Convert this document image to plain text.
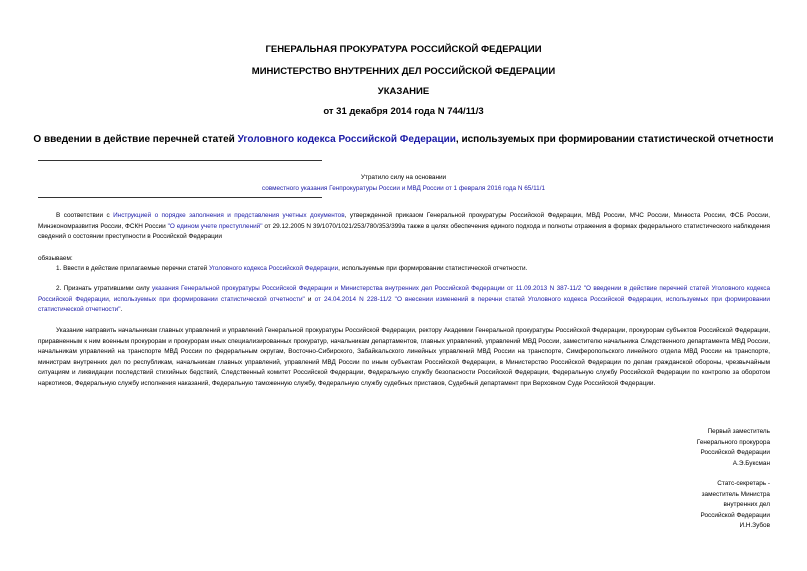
ГЕНЕРАЛЬНАЯ ПРОКУРАТУРА РОССИЙСКОЙ ФЕДЕРАЦИИ
МИНИСТЕРСТВО ВНУТРЕННИХ ДЕЛ РОССИЙСКОЙ ФЕДЕРАЦИИ
УКАЗАНИЕ
от 31 декабря 2014 года N 744/11/3
О введении в действие перечней статей Уголовного кодекса Российской Федерации, используемых при формировании статистической отчетности
Утратило силу на основании
совместного указания Генпрокуратуры России и МВД России от 1 февраля 2016 года N 65/11/1
В соответствии с Инструкцией о порядке заполнения и представления учетных документов, утвержденной приказом Генеральной прокуратуры Российской Федерации, МВД России, МЧС России, Минюста России, ФСБ России, Минэкономразвития России, ФСКН России "О едином учете преступлений" от 29.12.2005 N 39/1070/1021/253/780/353/399а также в целях обеспечения единого подхода и полноты отражения в формах федерального статистического наблюдения сведений о состоянии преступности в Российской Федерации
обязываем:
1. Ввести в действие прилагаемые перечни статей Уголовного кодекса Российской Федерации, используемые при формировании статистической отчетности.
2. Признать утратившими силу указания Генеральной прокуратуры Российской Федерации и Министерства внутренних дел Российской Федерации от 11.09.2013 N 387-11/2 "О введении в действие перечней статей Уголовного кодекса Российской Федерации, используемых при формировании статистической отчетности" и от 24.04.2014 N 228-11/2 "О внесении изменений в перечни статей Уголовного кодекса Российской Федерации, используемых при формировании статистической отчетности".
Указание направить начальникам главных управлений и управлений Генеральной прокуратуры Российской Федерации, ректору Академии Генеральной прокуратуры Российской Федерации, прокурорам субъектов Российской Федерации, приравненным к ним военным прокурорам и прокурорам иных специализированных прокуратур, начальникам департаментов, главных управлений, управлений МВД России, заместителю начальника Следственного департамента МВД России, начальникам управлений на транспорте МВД России по федеральным округам, Восточно-Сибирского, Забайкальского линейных управлений МВД России на транспорте, Симферопольского линейного отдела МВД России на транспорте, министрам внутренних дел по республикам, начальникам главных управлений, управлений МВД России по иным субъектам Российской Федерации, в Министерство Российской Федерации по делам гражданской обороны, чрезвычайным ситуациям и ликвидации последствий стихийных бедствий, Следственный комитет Российской Федерации, Федеральную службу безопасности Российской Федерации, Федеральную службу Российской Федерации по контролю за оборотом наркотиков, Федеральную службу исполнения наказаний, Федеральную таможенную службу, Федеральную службу судебных приставов, Судебный департамент при Верховном Суде Российской Федерации.
Первый заместитель
Генерального прокурора
Российской Федерации
А.Э.Буксман
Статс-секретарь -
заместитель Министра
внутренних дел
Российской Федерации
И.Н.Зубов
